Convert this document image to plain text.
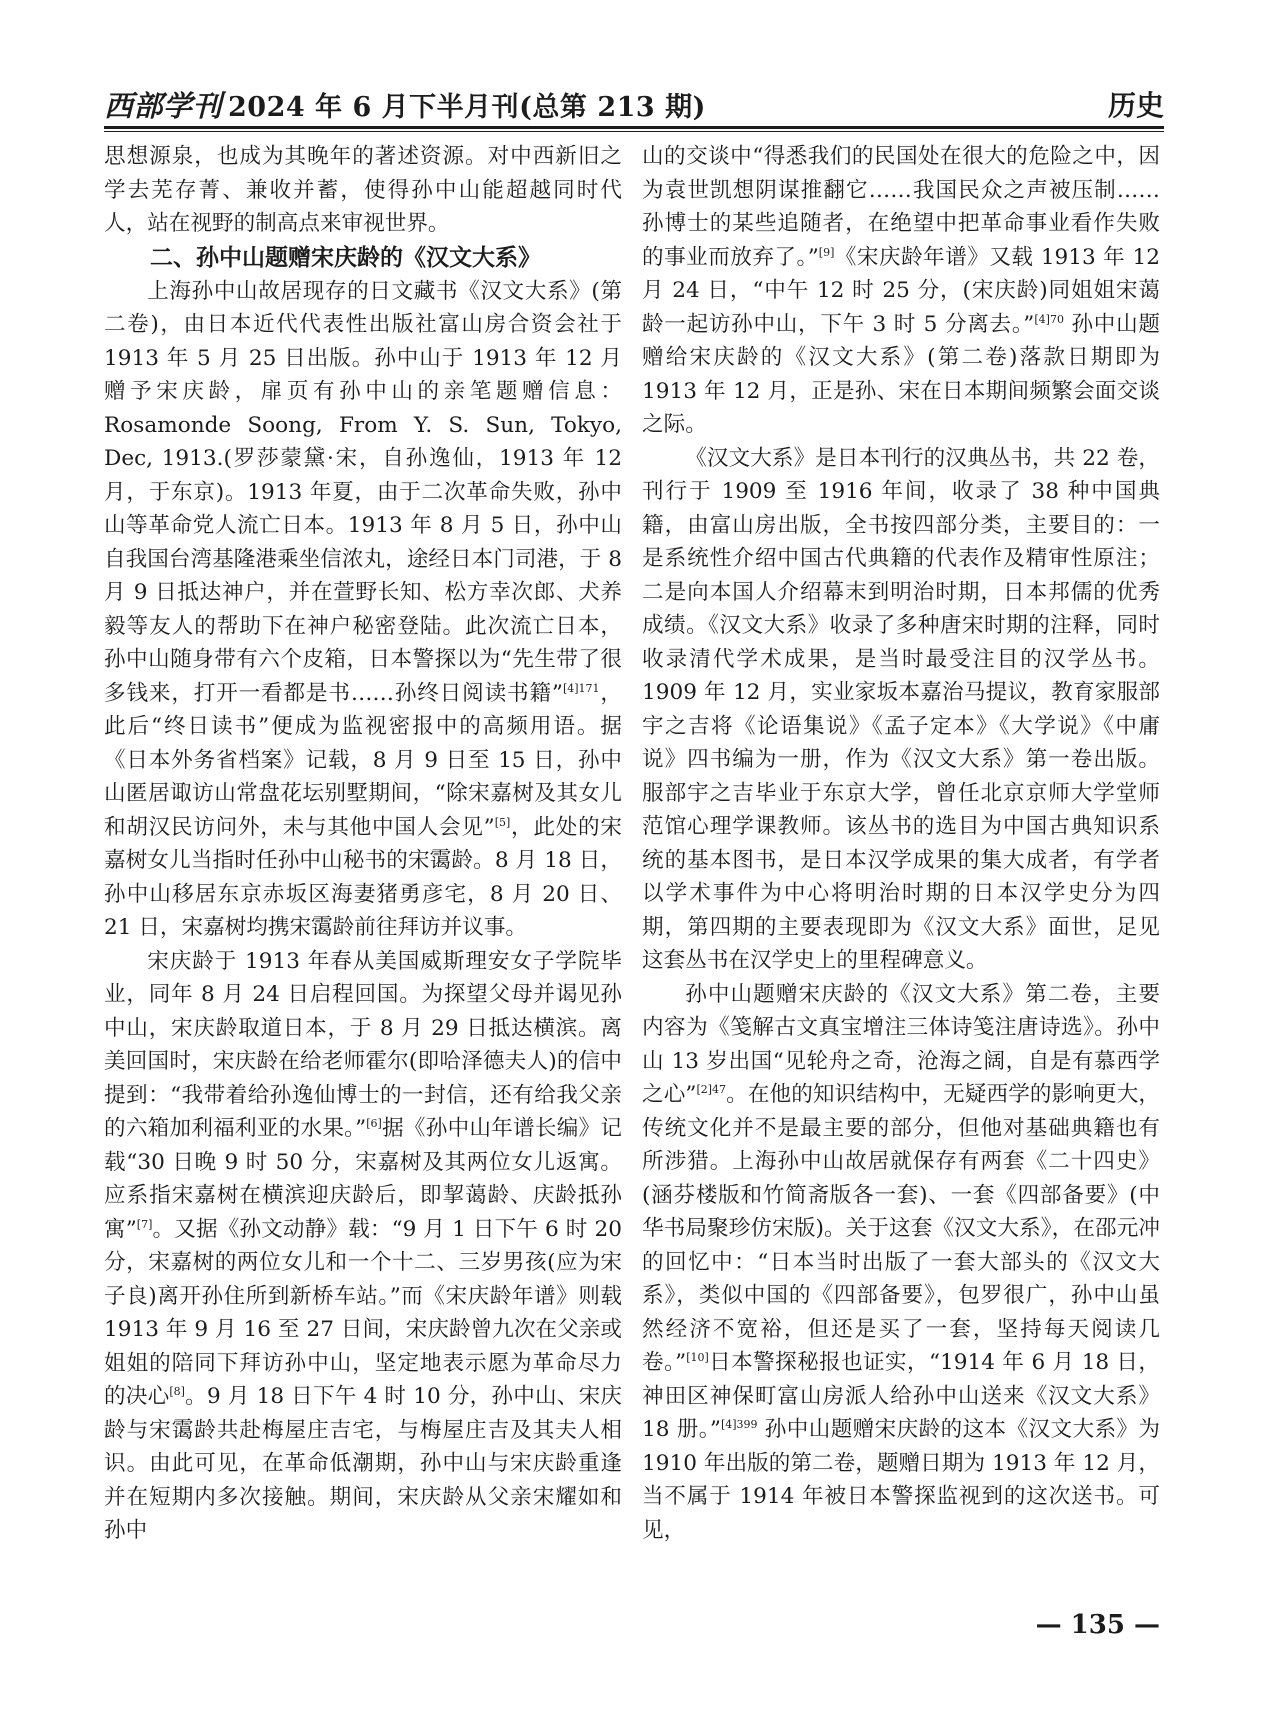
西部学刊 2024 年 6 月下半月刊(总第 213 期)	历史

思想源泉，也成为其晚年的著述资源。对中西新旧之学去芜存菁、兼收并蓄，使得孙中山能超越同时代人，站在视野的制高点来审视世界。

二、孙中山题赠宋庆龄的《汉文大系》

上海孙中山故居现存的日文藏书《汉文大系》(第二卷)，由日本近代代表性出版社富山房合资会社于 1913 年 5 月 25 日出版。孙中山于 1913 年 12 月赠予宋庆龄，扉页有孙中山的亲笔题赠信息：Rosamonde Soong, From Y. S. Sun, Tokyo, Dec, 1913.(罗莎蒙黛·宋，自孙逸仙，1913 年 12 月，于东京)。1913 年夏，由于二次革命失败，孙中山等革命党人流亡日本。1913 年 8 月 5 日，孙中山自我国台湾基隆港乘坐信浓丸，途经日本门司港，于 8 月 9 日抵达神户，并在萱野长知、松方幸次郎、犬养毅等友人的帮助下在神户秘密登陆。此次流亡日本，孙中山随身带有六个皮箱，日本警探以为“先生带了很多钱来，打开一看都是书……孙终日阅读书籍”$^{[4]171}$，此后“终日读书”便成为监视密报中的高频用语。据《日本外务省档案》记载，8 月 9 日至 15 日，孙中山匿居诹访山常盘花坛别墅期间，“除宋嘉树及其女儿和胡汉民访问外，未与其他中国人会见”[5]，此处的宋嘉树女儿当指时任孙中山秘书的宋霭龄。8 月 18 日，孙中山移居东京赤坂区海妻猪勇彦宅，8 月 20 日、21 日，宋嘉树均携宋霭龄前往拜访并议事。

宋庆龄于 1913 年春从美国威斯理安女子学院毕业，同年 8 月 24 日启程回国。为探望父母并谒见孙中山，宋庆龄取道日本，于 8 月 29 日抵达横滨。离美回国时，宋庆龄在给老师霍尔(即哈泽德夫人)的信中提到：“我带着给孙逸仙博士的一封信，还有给我父亲的六箱加利福利亚的水果。”[6]据《孙中山年谱长编》记载“30 日晚 9 时 50 分，宋嘉树及其两位女儿返寓。应系指宋嘉树在横滨迎庆龄后，即挈蔼龄、庆龄抵孙寓”[7]。又据《孙文动静》载：“9 月 1 日下午 6 时 20 分，宋嘉树的两位女儿和一个十二、三岁男孩(应为宋子良)离开孙住所到新桥车站。”而《宋庆龄年谱》则载 1913 年 9 月 16 至 27 日间，宋庆龄曾九次在父亲或姐姐的陪同下拜访孙中山，坚定地表示愿为革命尽力的决心[8]。9 月 18 日下午 4 时 10 分，孙中山、宋庆龄与宋霭龄共赴梅屋庄吉宅，与梅屋庄吉及其夫人相识。由此可见，在革命低潮期，孙中山与宋庆龄重逢并在短期内多次接触。期间，宋庆龄从父亲宋耀如和孙中

山的交谈中“得悉我们的民国处在很大的危险之中，因为袁世凯想阴谋推翻它……我国民众之声被压制……孙博士的某些追随者，在绝望中把革命事业看作失败的事业而放弃了。”[9]《宋庆龄年谱》又载 1913 年 12 月 24 日，“中午 12 时 25 分，(宋庆龄)同姐姐宋蔼龄一起访孙中山，下午 3 时 5 分离去。”$^{[4]70}$ 孙中山题赠给宋庆龄的《汉文大系》(第二卷)落款日期即为 1913 年 12 月，正是孙、宋在日本期间频繁会面交谈之际。

《汉文大系》是日本刊行的汉典丛书，共 22 卷，刊行于 1909 至 1916 年间，收录了 38 种中国典籍，由富山房出版，全书按四部分类，主要目的：一是系统性介绍中国古代典籍的代表作及精审性原注；二是向本国人介绍幕末到明治时期，日本邦儒的优秀成绩。《汉文大系》收录了多种唐宋时期的注释，同时收录清代学术成果，是当时最受注目的汉学丛书。1909 年 12 月，实业家坂本嘉治马提议，教育家服部宇之吉将《论语集说》《孟子定本》《大学说》《中庸说》四书编为一册，作为《汉文大系》第一卷出版。服部宇之吉毕业于东京大学，曾任北京京师大学堂师范馆心理学课教师。该丛书的选目为中国古典知识系统的基本图书，是日本汉学成果的集大成者，有学者以学术事件为中心将明治时期的日本汉学史分为四期，第四期的主要表现即为《汉文大系》面世，足见这套丛书在汉学史上的里程碑意义。

孙中山题赠宋庆龄的《汉文大系》第二卷，主要内容为《笺解古文真宝增注三体诗笺注唐诗选》。孙中山 13 岁出国“见轮舟之奇，沧海之阔，自是有慕西学之心”$^{[2]47}$。在他的知识结构中，无疑西学的影响更大，传统文化并不是最主要的部分，但他对基础典籍也有所涉猎。上海孙中山故居就保存有两套《二十四史》(涵芬楼版和竹简斋版各一套)、一套《四部备要》(中华书局聚珍仿宋版)。关于这套《汉文大系》，在邵元冲的回忆中：“日本当时出版了一套大部头的《汉文大系》，类似中国的《四部备要》，包罗很广，孙中山虽然经济不宽裕，但还是买了一套，坚持每天阅读几卷。”[10]日本警探秘报也证实，“1914 年 6 月 18 日，神田区神保町富山房派人给孙中山送来《汉文大系》18 册。”$^{[4]399}$ 孙中山题赠宋庆龄的这本《汉文大系》为 1910 年出版的第二卷，题赠日期为 1913 年 12 月，当不属于 1914 年被日本警探监视到的这次送书。可见，

— 135 —
